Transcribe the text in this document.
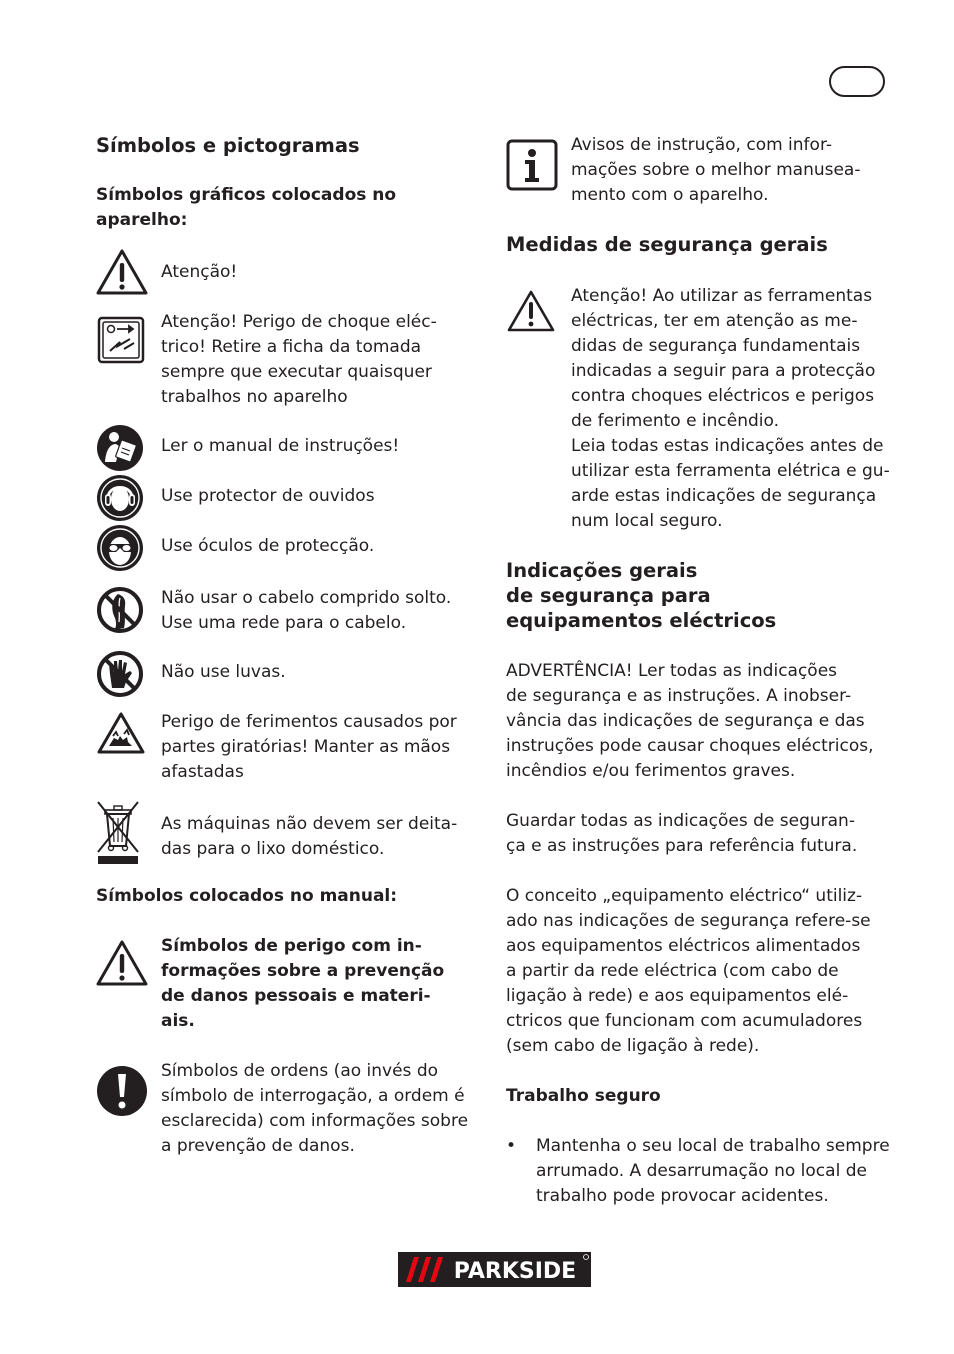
Símbolos e pictogramas
Símbolos gráficos colocados no
aparelho:
Atenção!
Atenção! Perigo de choque eléc-
trico! Retire a ficha da tomada
sempre que executar quaisquer
trabalhos no aparelho
Ler o manual de instruções!
Use protector de ouvidos
Use óculos de protecção.
Não usar o cabelo comprido solto.
Use uma rede para o cabelo.
Não use luvas.
Perigo de ferimentos causados por
partes giratórias! Manter as mãos
afastadas
As máquinas não devem ser deita-
das para o lixo doméstico.
Símbolos colocados no manual:
Símbolos de perigo com in-
formações sobre a prevenção
de danos pessoais e materi-
ais.
Símbolos de ordens (ao invés do
símbolo de interrogação, a ordem é
esclarecida) com informações sobre
a prevenção de danos.
Avisos de instrução, com infor-
mações sobre o melhor manusea-
mento com o aparelho.
Medidas de segurança gerais
Atenção! Ao utilizar as ferramentas
eléctricas, ter em atenção as me-
didas de segurança fundamentais
indicadas a seguir para a protecção
contra choques eléctricos e perigos
de ferimento e incêndio.
Leia todas estas indicações antes de
utilizar esta ferramenta elétrica e gu-
arde estas indicações de segurança
num local seguro.
Indicações gerais
de segurança para
equipamentos eléctricos

ADVERTÊNCIA! Ler todas as indicações
de segurança e as instruções. A inobser-
vância das indicações de segurança e das
instruções pode causar choques eléctricos,
incêndios e/ou ferimentos graves.

Guardar todas as indicações de seguran-
ça e as instruções para referência futura.

O conceito „equipamento eléctrico“ utiliz-
ado nas indicações de segurança refere-se
aos equipamentos eléctricos alimentados
a partir da rede eléctrica (com cabo de
ligação à rede) e aos equipamentos elé-
ctricos que funcionam com acumuladores
(sem cabo de ligação à rede).

Trabalho seguro
• Mantenha o seu local de trabalho sempre
arrumado. A desarrumação no local de
trabalho pode provocar acidentes.
PARKSIDE
